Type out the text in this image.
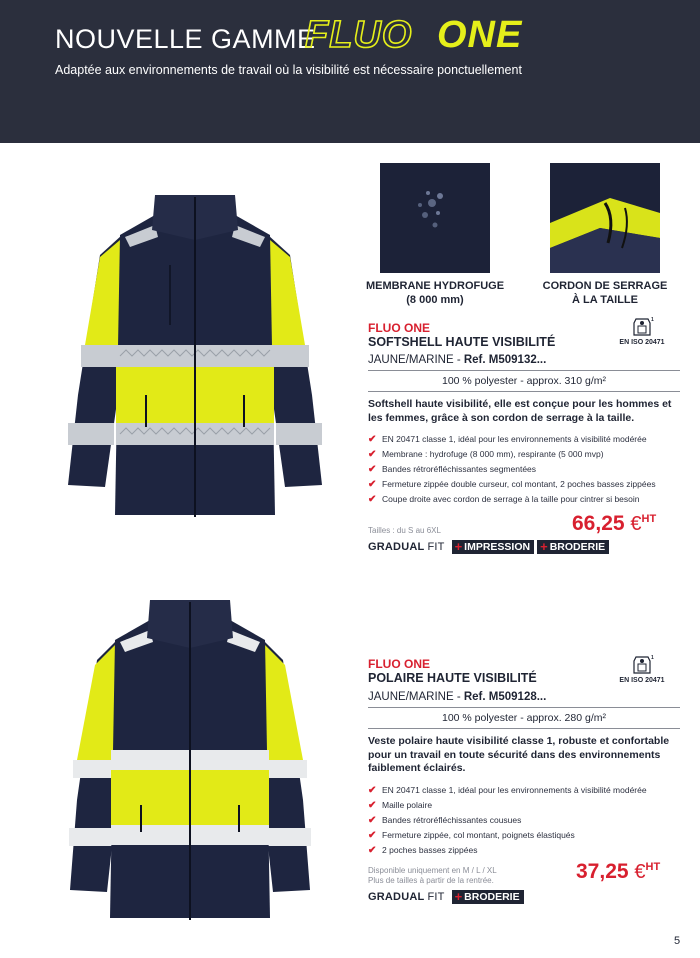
NOUVELLE GAMME
FLUO ONE
Adaptée aux environnements de travail où la visibilité est nécessaire ponctuellement
MEMBRANE HYDROFUGE
(8 000 mm)
CORDON DE SERRAGE
À LA TAILLE
FLUO ONE
SOFTSHELL HAUTE VISIBILITÉ
1
EN ISO 20471
JAUNE/MARINE - Ref. M509132...
100 % polyester - approx. 310 g/m²
Softshell haute visibilité, elle est conçue pour les hommes et les femmes, grâce à son cordon de serrage à la taille.
✔ EN 20471 classe 1, idéal pour les environnements à visibilité modérée
✔ Membrane : hydrofuge (8 000 mm), respirante (5 000 mvp)
✔ Bandes rétroréfléchissantes segmentées
✔ Fermeture zippée double curseur, col montant, 2 poches basses zippées
✔ Coupe droite avec cordon de serrage à la taille pour cintrer si besoin
Tailles : du S au 6XL	66,25 €$^{HT}$
GRADUAL FIT + IMPRESSION + BRODERIE
FLUO ONE
POLAIRE HAUTE VISIBILITÉ
1
EN ISO 20471
JAUNE/MARINE - Ref. M509128...
100 % polyester - approx. 280 g/m²
Veste polaire haute visibilité classe 1, robuste et confortable pour un travail en toute sécurité dans des environnements faiblement éclairés.
✔ EN 20471 classe 1, idéal pour les environnements à visibilité modérée
✔ Maille polaire
✔ Bandes rétroréfléchissantes cousues
✔ Fermeture zippée, col montant, poignets élastiqués
✔ 2 poches basses zippées
Disponible uniquement en M / L / XL
Plus de tailles à partir de la rentrée.	37,25 €$^{HT}$
GRADUAL FIT + BRODERIE
5
